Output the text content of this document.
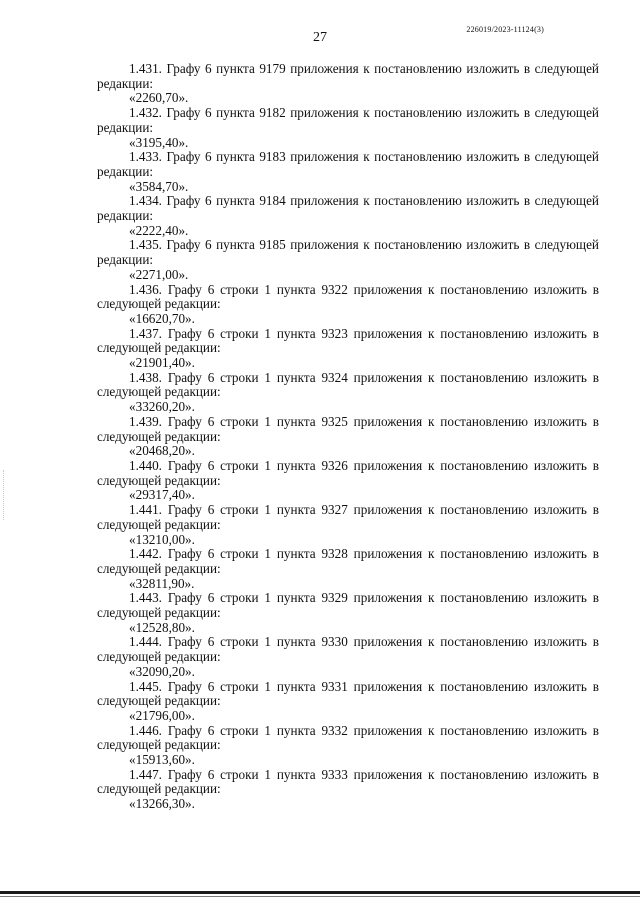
226019/2023-11124(3)
27

1.431. Графу 6 пункта 9179 приложения к постановлению изложить в следующей редакции:

«2260,70».

1.432. Графу 6 пункта 9182 приложения к постановлению изложить в следующей редакции:

«3195,40».

1.433. Графу 6 пункта 9183 приложения к постановлению изложить в следующей редакции:

«3584,70».

1.434. Графу 6 пункта 9184 приложения к постановлению изложить в следующей редакции:

«2222,40».

1.435. Графу 6 пункта 9185 приложения к постановлению изложить в следующей редакции:

«2271,00».

1.436. Графу 6 строки 1 пункта 9322 приложения к постановлению изложить в следующей редакции:

«16620,70».

1.437. Графу 6 строки 1 пункта 9323 приложения к постановлению изложить в следующей редакции:

«21901,40».

1.438. Графу 6 строки 1 пункта 9324 приложения к постановлению изложить в следующей редакции:

«33260,20».

1.439. Графу 6 строки 1 пункта 9325 приложения к постановлению изложить в следующей редакции:

«20468,20».

1.440. Графу 6 строки 1 пункта 9326 приложения к постановлению изложить в следующей редакции:

«29317,40».

1.441. Графу 6 строки 1 пункта 9327 приложения к постановлению изложить в следующей редакции:

«13210,00».

1.442. Графу 6 строки 1 пункта 9328 приложения к постановлению изложить в следующей редакции:

«32811,90».

1.443. Графу 6 строки 1 пункта 9329 приложения к постановлению изложить в следующей редакции:

«12528,80».

1.444. Графу 6 строки 1 пункта 9330 приложения к постановлению изложить в следующей редакции:

«32090,20».

1.445. Графу 6 строки 1 пункта 9331 приложения к постановлению изложить в следующей редакции:

«21796,00».

1.446. Графу 6 строки 1 пункта 9332 приложения к постановлению изложить в следующей редакции:

«15913,60».

1.447. Графу 6 строки 1 пункта 9333 приложения к постановлению изложить в следующей редакции:

«13266,30».
